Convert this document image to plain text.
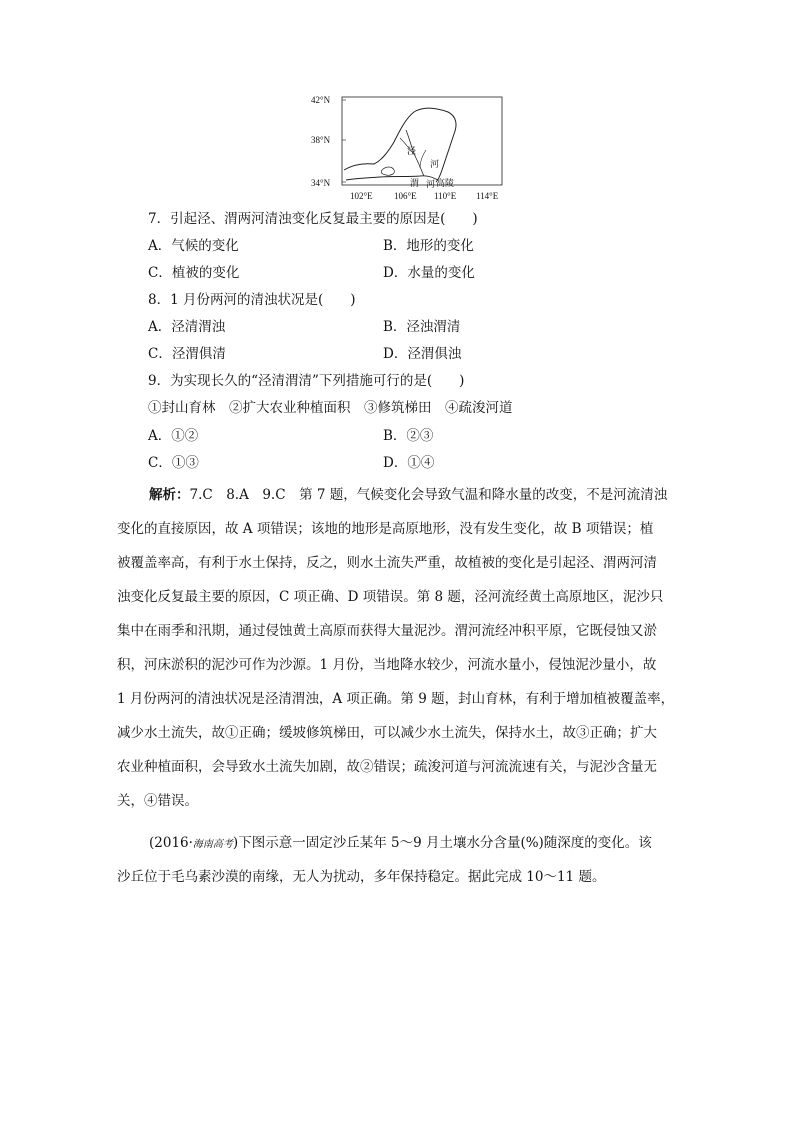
42°N
38°N
34°N
102°E 106°E 110°E 114°E
泾
河
渭 河 高陵
7．引起泾、渭两河清浊变化反复最主要的原因是(　　)
A．气候的变化	B．地形的变化
C．植被的变化	D．水量的变化
8．1 月份两河的清浊状况是(　　)
A．泾清渭浊	B．泾浊渭清
C．泾渭俱清	D．泾渭俱浊
9．为实现长久的“泾清渭清”下列措施可行的是(　　)
①封山育林　②扩大农业种植面积　③修筑梯田　④疏浚河道
A．①②	B．②③
C．①③	D．①④
解析：7.C　8.A　9.C　第 7 题，气候变化会导致气温和降水量的改变，不是河流清浊
变化的直接原因，故 A 项错误；该地的地形是高原地形，没有发生变化，故 B 项错误；植
被覆盖率高，有利于水土保持，反之，则水土流失严重，故植被的变化是引起泾、渭两河清
浊变化反复最主要的原因，C 项正确、D 项错误。第 8 题，泾河流经黄土高原地区，泥沙只
集中在雨季和汛期，通过侵蚀黄土高原而获得大量泥沙。渭河流经冲积平原，它既侵蚀又淤
积，河床淤积的泥沙可作为沙源。1 月份，当地降水较少，河流水量小，侵蚀泥沙量小，故
1 月份两河的清浊状况是泾清渭浊，A 项正确。第 9 题，封山育林，有利于增加植被覆盖率，
减少水土流失，故①正确；缓坡修筑梯田，可以减少水土流失，保持水土，故③正确；扩大
农业种植面积，会导致水土流失加剧，故②错误；疏浚河道与河流流速有关，与泥沙含量无
关，④错误。
(2016·海南高考)下图示意一固定沙丘某年 5～9 月土壤水分含量(%)随深度的变化。该
沙丘位于毛乌素沙漠的南缘，无人为扰动，多年保持稳定。据此完成 10～11 题。
